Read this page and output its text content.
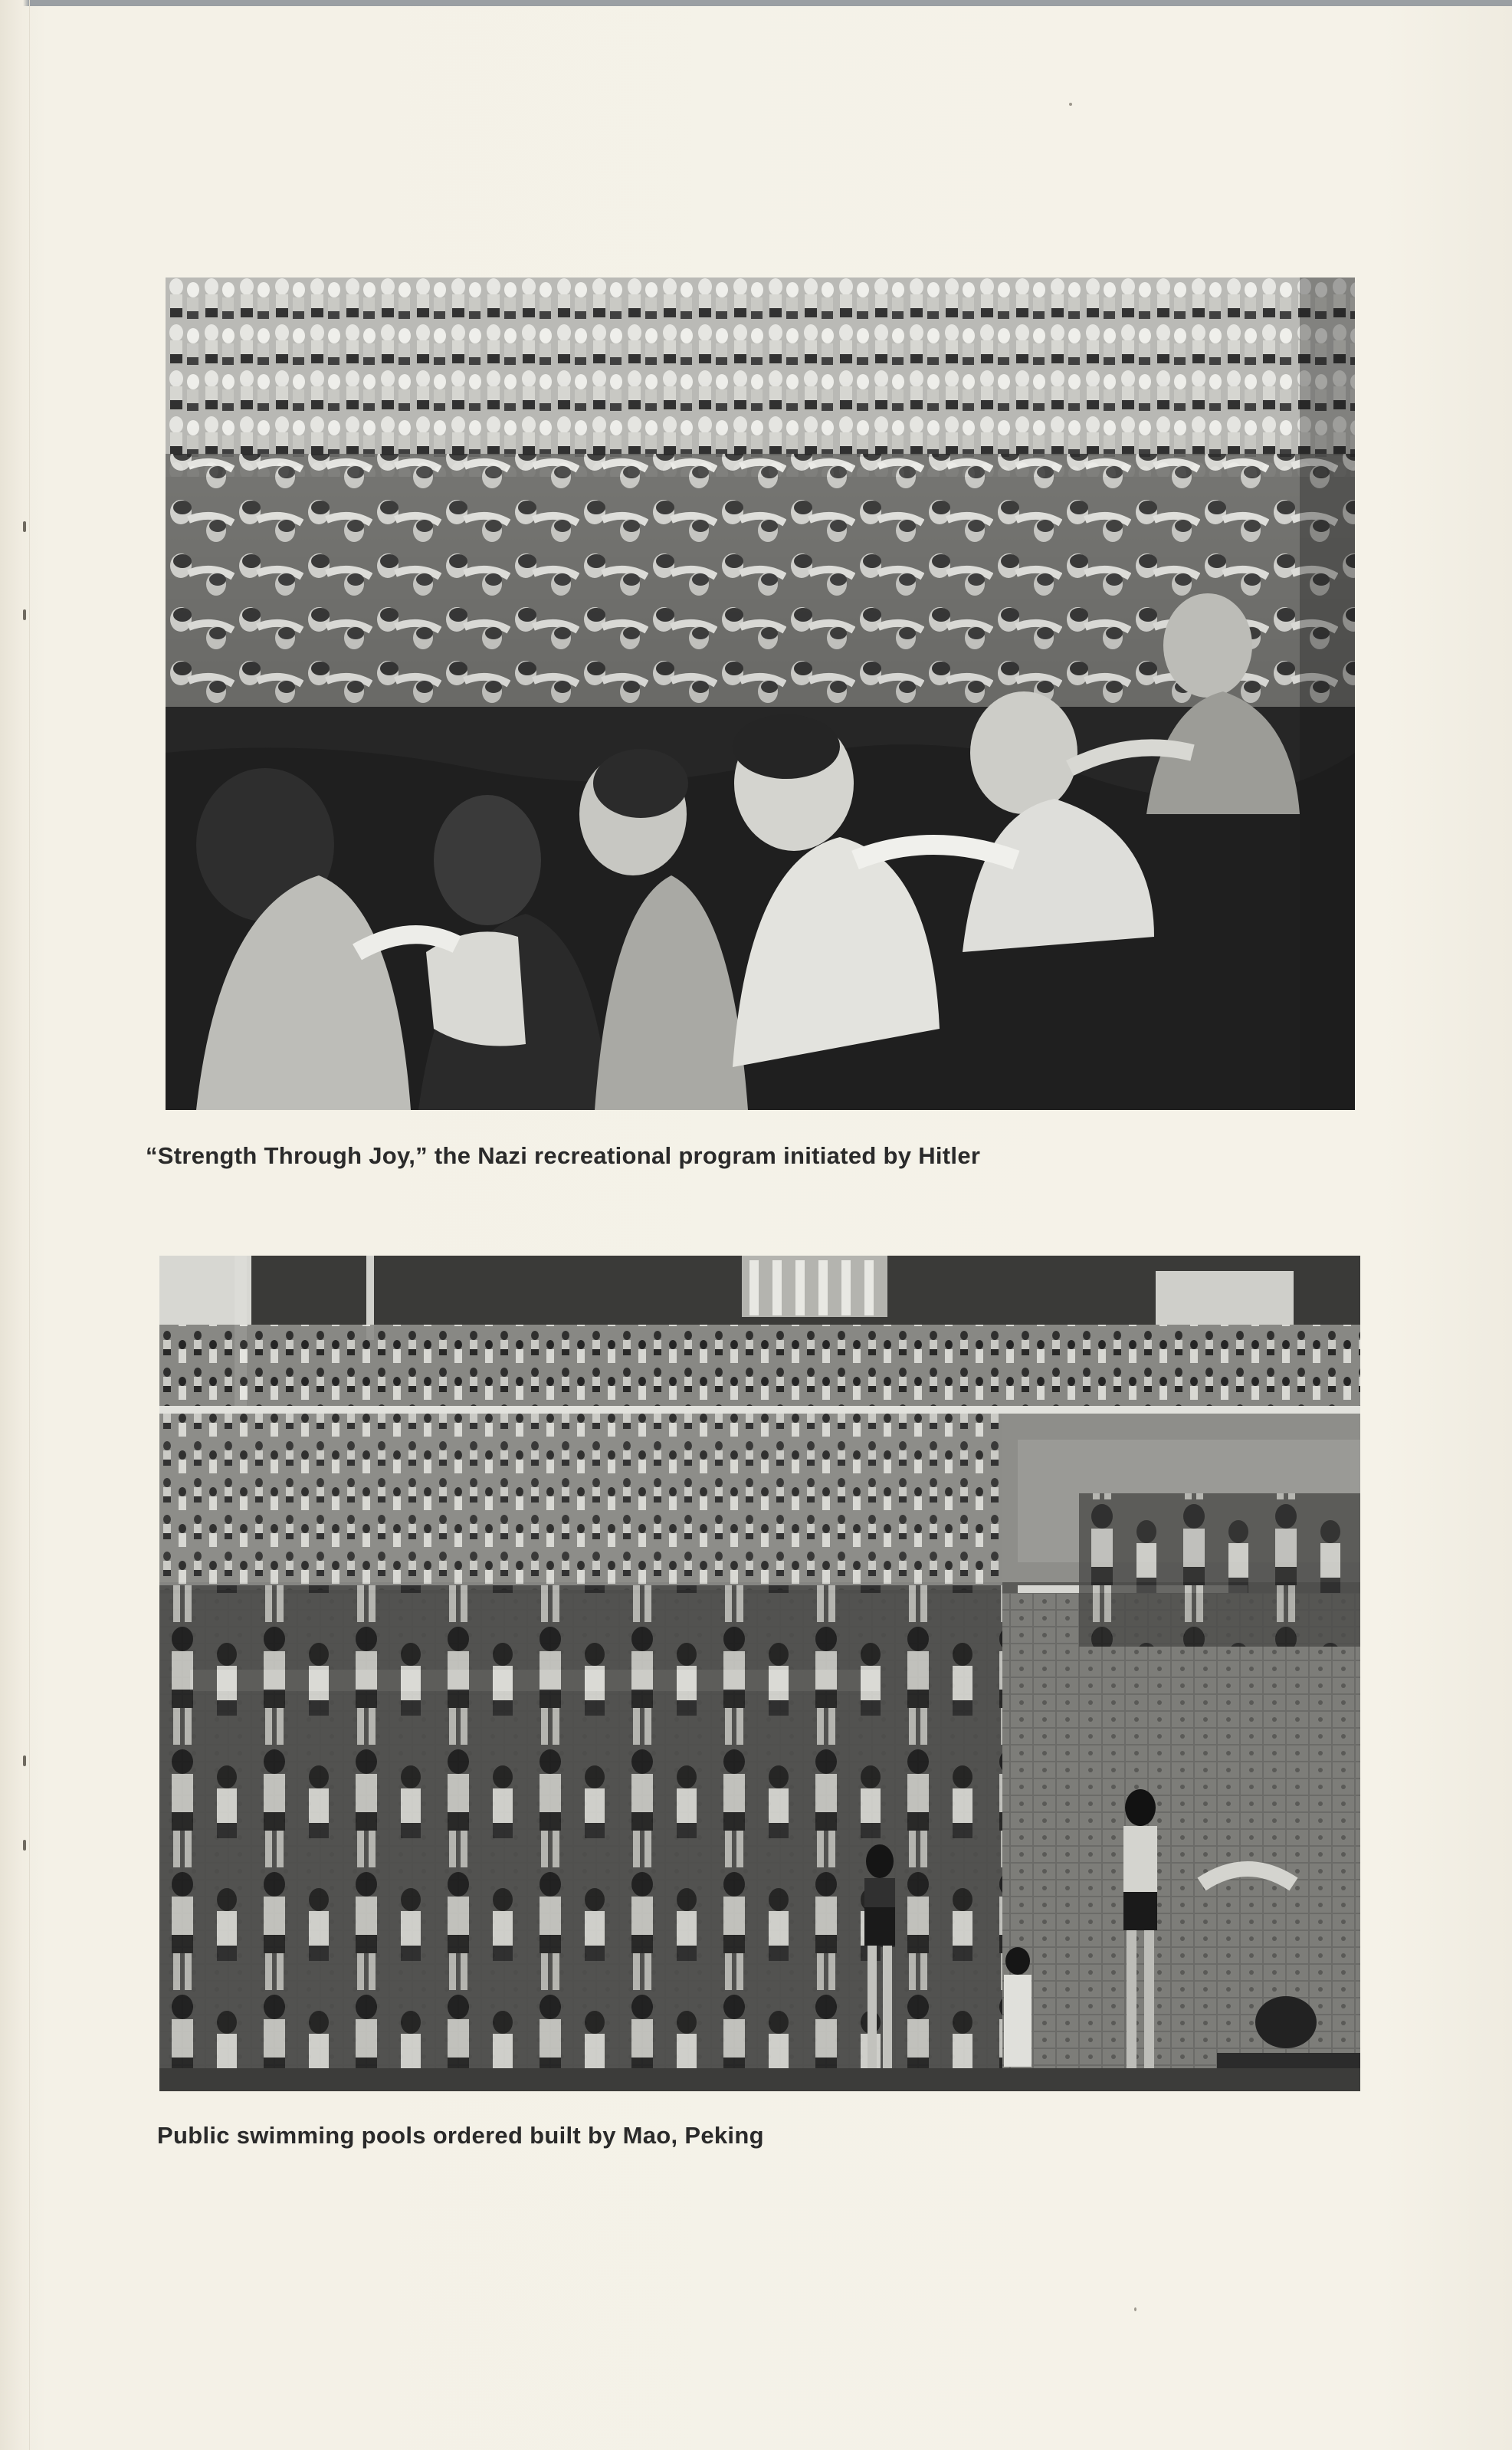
“Strength Through Joy,” the Nazi recreational program initiated by Hitler
Public swimming pools ordered built by Mao, Peking
